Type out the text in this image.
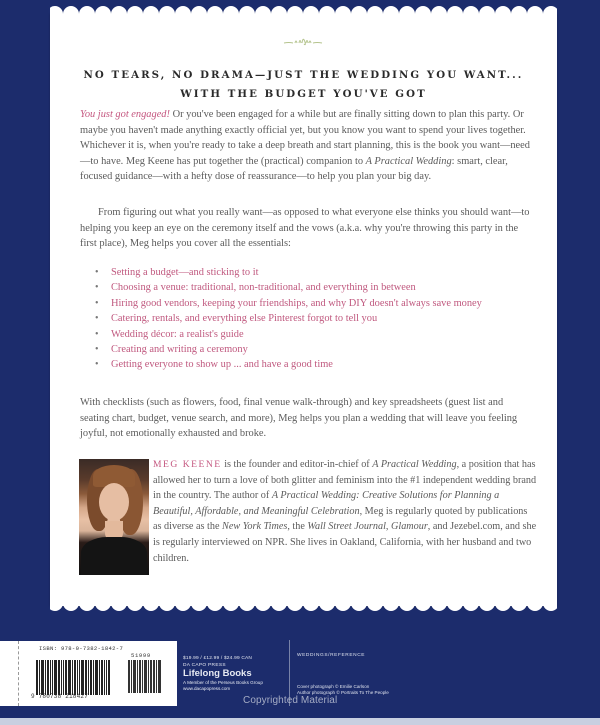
NO TEARS, NO DRAMA—JUST THE WEDDING YOU WANT...
WITH THE BUDGET YOU'VE GOT

You just got engaged! Or you've been engaged for a while but are finally sitting down to plan this party. Or maybe you haven't made anything exactly official yet, but you know you want to spend your lives together. Whichever it is, when you're ready to take a deep breath and start planning, this is the book you want—need—to have. Meg Keene has put together the (practical) companion to A Practical Wedding: smart, clear, focused guidance—with a hefty dose of reassurance—to help you plan your big day.

From figuring out what you really want—as opposed to what everyone else thinks you should want—to helping you keep an eye on the ceremony itself and the vows (a.k.a. why you're throwing this party in the first place), Meg helps you cover all the essentials:

• Setting a budget—and sticking to it
• Choosing a venue: traditional, non-traditional, and everything in between
• Hiring good vendors, keeping your friendships, and why DIY doesn't always save money
• Catering, rentals, and everything else Pinterest forgot to tell you
• Wedding décor: a realist's guide
• Creating and writing a ceremony
• Getting everyone to show up ... and have a good time

With checklists (such as flowers, food, final venue walk-through) and key spreadsheets (guest list and seating chart, budget, venue search, and more), Meg helps you plan a wedding that will leave you feeling joyful, not emotionally exhausted and broke.

MEG KEENE is the founder and editor-in-chief of A Practical Wedding, a position that has allowed her to turn a love of both glitter and feminism into the #1 independent wedding brand in the country. The author of A Practical Wedding: Creative Solutions for Planning a Beautiful, Affordable, and Meaningful Celebration, Meg is regularly quoted by publications as diverse as the New York Times, the Wall Street Journal, Glamour, and Jezebel.com, and she is regularly interviewed on NPR. She lives in Oakland, California, with her husband and two children.

ISBN: 978-0-7382-1842-7
51999
9 780738 218427
$19.99 / £12.99 / $24.99 CAN
DA CAPO PRESS
Lifelong Books
A Member of the Perseus Books Group
www.dacapopress.com
WEDDINGS/REFERENCE
Cover photograph © Emilie Carlson
Author photograph © Portraits To The People
Copyrighted Material
